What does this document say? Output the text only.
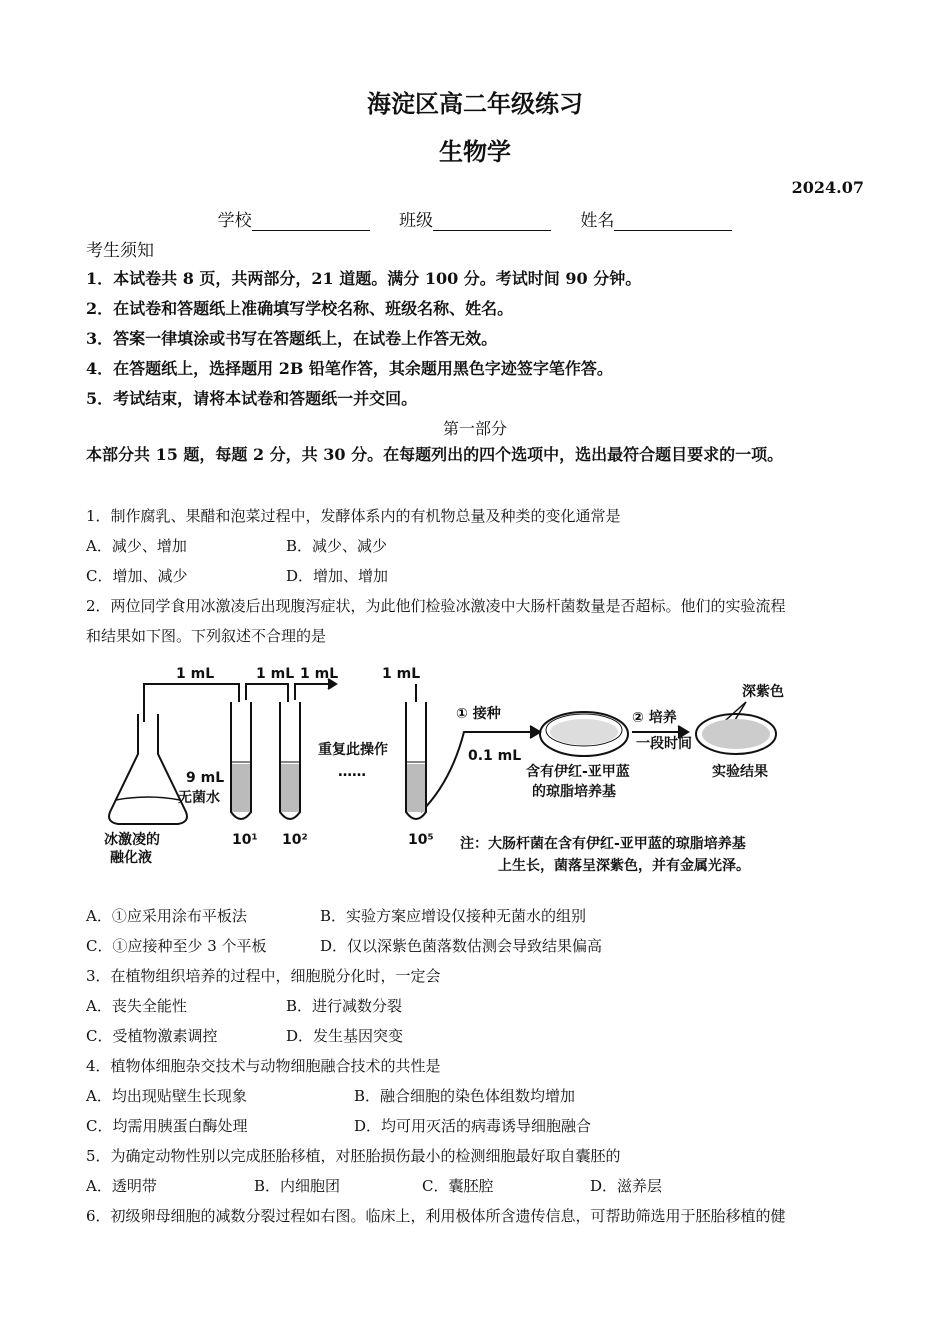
海淀区高二年级练习
生物学
2024.07
学校	班级	姓名
考生须知
1．本试卷共 8 页，共两部分，21 道题。满分 100 分。考试时间 90 分钟。
2．在试卷和答题纸上准确填写学校名称、班级名称、姓名。
3．答案一律填涂或书写在答题纸上，在试卷上作答无效。
4．在答题纸上，选择题用 2B 铅笔作答，其余题用黑色字迹签字笔作答。
5．考试结束，请将本试卷和答题纸一并交回。
第一部分
本部分共 15 题，每题 2 分，共 30 分。在每题列出的四个选项中，选出最符合题目要求的一项。
1．制作腐乳、果醋和泡菜过程中，发酵体系内的有机物总量及种类的变化通常是
A．减少、增加	B．减少、减少
C．增加、减少	D．增加、增加
2．两位同学食用冰激凌后出现腹泻症状，为此他们检验冰激凌中大肠杆菌数量是否超标。他们的实验流程
和结果如下图。下列叙述不合理的是
1 mL	1 mL 1 mL	1 mL
9 mL
无菌水
冰激凌的
融化液
10¹ 10²	10⁵
重复此操作
……
① 接种
0.1 mL
含有伊红-亚甲蓝
的琼脂培养基
② 培养
一段时间
深紫色
实验结果
注：大肠杆菌在含有伊红-亚甲蓝的琼脂培养基
上生长，菌落呈深紫色，并有金属光泽。
A．①应采用涂布平板法	B．实验方案应增设仅接种无菌水的组别
C．①应接种至少 3 个平板	D．仅以深紫色菌落数估测会导致结果偏高
3．在植物组织培养的过程中，细胞脱分化时，一定会
A．丧失全能性	B．进行减数分裂
C．受植物激素调控	D．发生基因突变
4．植物体细胞杂交技术与动物细胞融合技术的共性是
A．均出现贴壁生长现象	B．融合细胞的染色体组数均增加
C．均需用胰蛋白酶处理	D．均可用灭活的病毒诱导细胞融合
5．为确定动物性别以完成胚胎移植，对胚胎损伤最小的检测细胞最好取自囊胚的
A．透明带	B．内细胞团	C．囊胚腔	D．滋养层
6．初级卵母细胞的减数分裂过程如右图。临床上，利用极体所含遗传信息，可帮助筛选用于胚胎移植的健
